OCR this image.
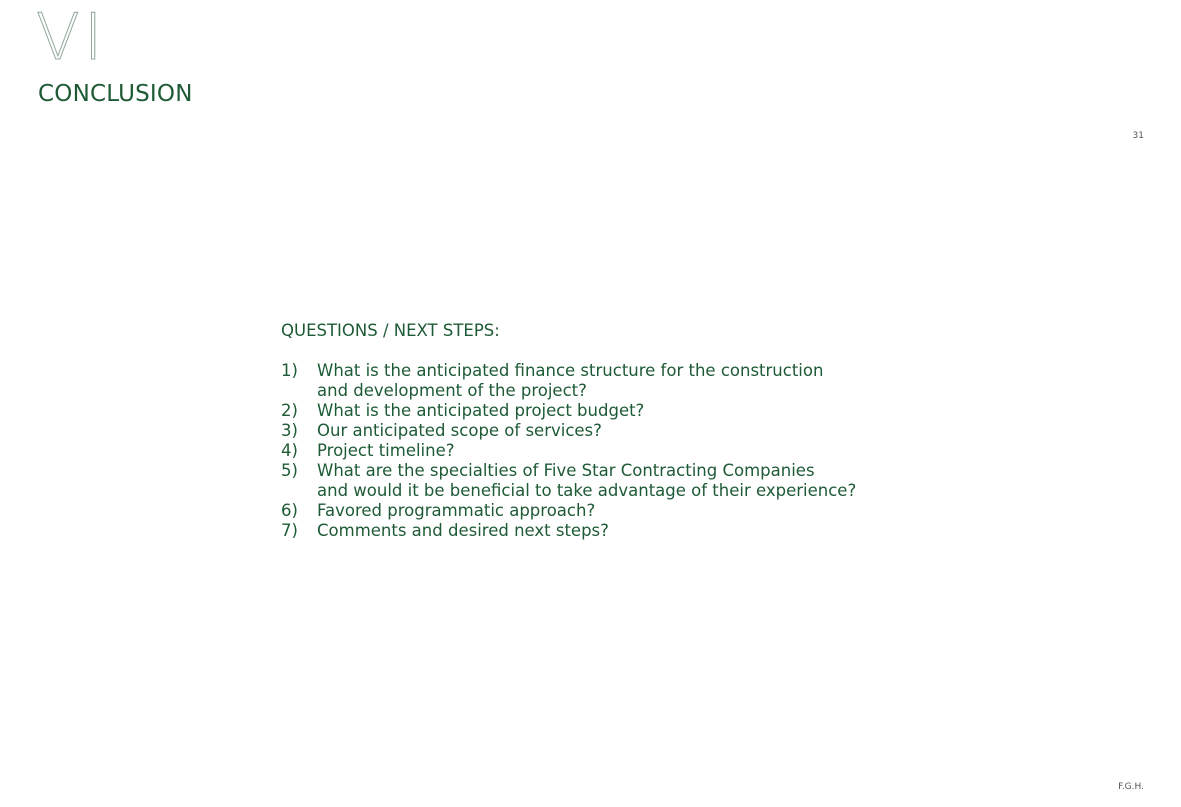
VI
CONCLUSION
31
QUESTIONS / NEXT STEPS:
1)	What is the anticipated finance structure for the construction
and development of the project?
2)	What is the anticipated project budget?
3)	Our anticipated scope of services?
4)	Project timeline?
5)	What are the specialties of Five Star Contracting Companies
and would it be beneficial to take advantage of their experience?
6)	Favored programmatic approach?
7)	Comments and desired next steps?
F.G.H.
